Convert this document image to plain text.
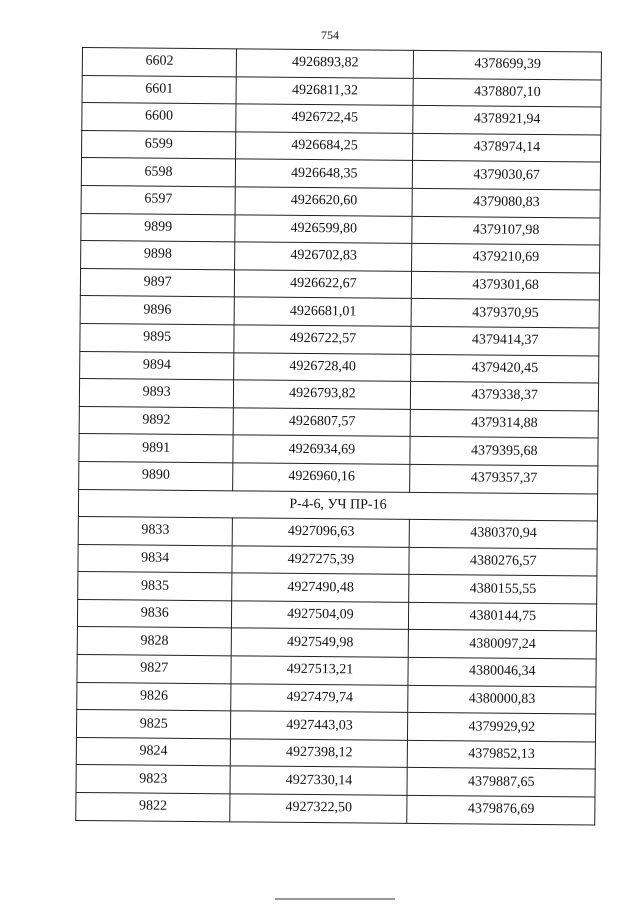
754
6602	4926893,82	4378699,39
6601	4926811,32	4378807,10
6600	4926722,45	4378921,94
6599	4926684,25	4378974,14
6598	4926648,35	4379030,67
6597	4926620,60	4379080,83
9899	4926599,80	4379107,98
9898	4926702,83	4379210,69
9897	4926622,67	4379301,68
9896	4926681,01	4379370,95
9895	4926722,57	4379414,37
9894	4926728,40	4379420,45
9893	4926793,82	4379338,37
9892	4926807,57	4379314,88
9891	4926934,69	4379395,68
9890	4926960,16	4379357,37
Р-4-6, УЧ ПР-16		
9833	4927096,63	4380370,94
9834	4927275,39	4380276,57
9835	4927490,48	4380155,55
9836	4927504,09	4380144,75
9828	4927549,98	4380097,24
9827	4927513,21	4380046,34
9826	4927479,74	4380000,83
9825	4927443,03	4379929,92
9824	4927398,12	4379852,13
9823	4927330,14	4379887,65
9822	4927322,50	4379876,69
